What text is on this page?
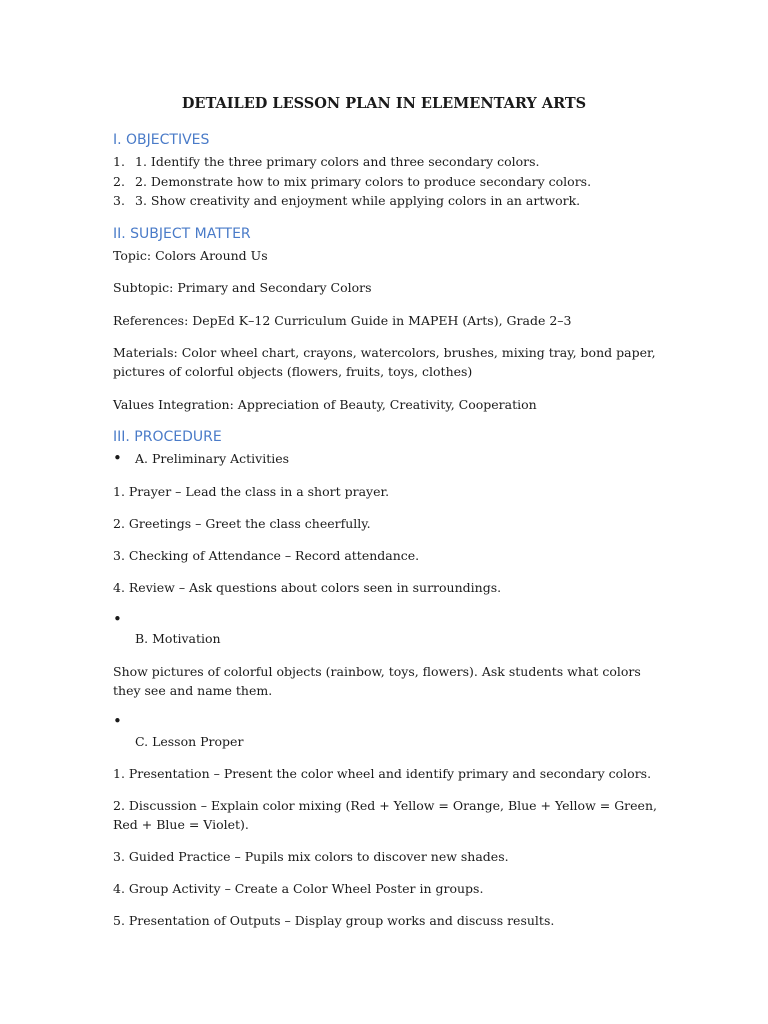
DETAILED LESSON PLAN IN ELEMENTARY ARTS
I. OBJECTIVES
1. 1. Identify the three primary colors and three secondary colors.
2. 2. Demonstrate how to mix primary colors to produce secondary colors.
3. 3. Show creativity and enjoyment while applying colors in an artwork.
II. SUBJECT MATTER
Topic: Colors Around Us
Subtopic: Primary and Secondary Colors
References: DepEd K–12 Curriculum Guide in MAPEH (Arts), Grade 2–3
Materials: Color wheel chart, crayons, watercolors, brushes, mixing tray, bond paper, pictures of colorful objects (flowers, fruits, toys, clothes)
Values Integration: Appreciation of Beauty, Creativity, Cooperation
III. PROCEDURE
• A. Preliminary Activities
1. Prayer – Lead the class in a short prayer.
2. Greetings – Greet the class cheerfully.
3. Checking of Attendance – Record attendance.
4. Review – Ask questions about colors seen in surroundings.
•
B. Motivation
Show pictures of colorful objects (rainbow, toys, flowers). Ask students what colors they see and name them.
•
C. Lesson Proper
1. Presentation – Present the color wheel and identify primary and secondary colors.
2. Discussion – Explain color mixing (Red + Yellow = Orange, Blue + Yellow = Green, Red + Blue = Violet).
3. Guided Practice – Pupils mix colors to discover new shades.
4. Group Activity – Create a Color Wheel Poster in groups.
5. Presentation of Outputs – Display group works and discuss results.
